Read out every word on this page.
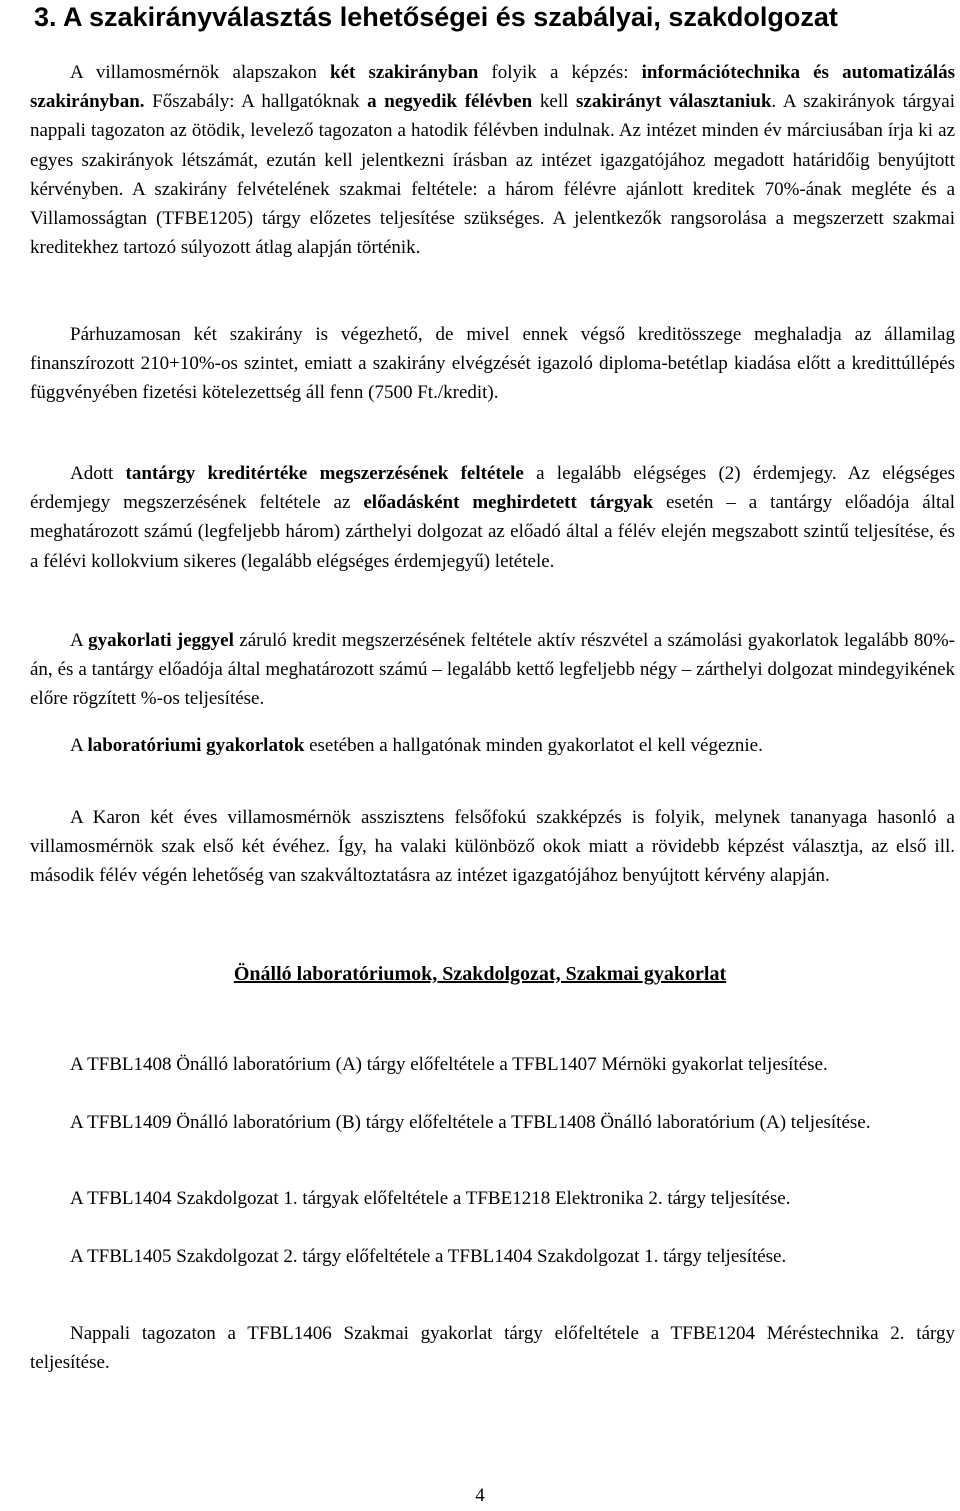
3. A szakirányválasztás lehetőségei és szabályai, szakdolgozat

A villamosmérnök alapszakon két szakirányban folyik a képzés: információtechnika és automatizálás szakirányban. Főszabály: A hallgatóknak a negyedik félévben kell szakirányt választaniuk. A szakirányok tárgyai nappali tagozaton az ötödik, levelező tagozaton a hatodik félévben indulnak. Az intézet minden év márciusában írja ki az egyes szakirányok létszámát, ezután kell jelentkezni írásban az intézet igazgatójához megadott határidőig benyújtott kérvényben. A szakirány felvételének szakmai feltétele: a három félévre ajánlott kreditek 70%-ának megléte és a Villamosságtan (TFBE1205) tárgy előzetes teljesítése szükséges. A jelentkezők rangsorolása a megszerzett szakmai kreditekhez tartozó súlyozott átlag alapján történik.

Párhuzamosan két szakirány is végezhető, de mivel ennek végső kreditösszege meghaladja az államilag finanszírozott 210+10%-os szintet, emiatt a szakirány elvégzését igazoló diploma-betétlap kiadása előtt a kredittúllépés függvényében fizetési kötelezettség áll fenn (7500 Ft./kredit).

Adott tantárgy kreditértéke megszerzésének feltétele a legalább elégséges (2) érdemjegy. Az elégséges érdemjegy megszerzésének feltétele az előadásként meghirdetett tárgyak esetén – a tantárgy előadója által meghatározott számú (legfeljebb három) zárthelyi dolgozat az előadó által a félév elején megszabott szintű teljesítése, és a félévi kollokvium sikeres (legalább elégséges érdemjegyű) letétele.

A gyakorlati jeggyel záruló kredit megszerzésének feltétele aktív részvétel a számolási gyakorlatok legalább 80%-án, és a tantárgy előadója által meghatározott számú – legalább kettő legfeljebb négy – zárthelyi dolgozat mindegyikének előre rögzített %-os teljesítése.

A laboratóriumi gyakorlatok esetében a hallgatónak minden gyakorlatot el kell végeznie.

A Karon két éves villamosmérnök asszisztens felsőfokú szakképzés is folyik, melynek tananyaga hasonló a villamosmérnök szak első két évéhez. Így, ha valaki különböző okok miatt a rövidebb képzést választja, az első ill. második félév végén lehetőség van szakváltoztatásra az intézet igazgatójához benyújtott kérvény alapján.

Önálló laboratóriumok, Szakdolgozat, Szakmai gyakorlat

A TFBL1408 Önálló laboratórium (A) tárgy előfeltétele a TFBL1407 Mérnöki gyakorlat teljesítése.

A TFBL1409 Önálló laboratórium (B) tárgy előfeltétele a TFBL1408 Önálló laboratórium (A) teljesítése.

A TFBL1404 Szakdolgozat 1. tárgyak előfeltétele a TFBE1218 Elektronika 2. tárgy teljesítése.

A TFBL1405 Szakdolgozat 2. tárgy előfeltétele a TFBL1404 Szakdolgozat 1. tárgy teljesítése.

Nappali tagozaton a TFBL1406 Szakmai gyakorlat tárgy előfeltétele a TFBE1204 Méréstechnika 2. tárgy teljesítése.

4
